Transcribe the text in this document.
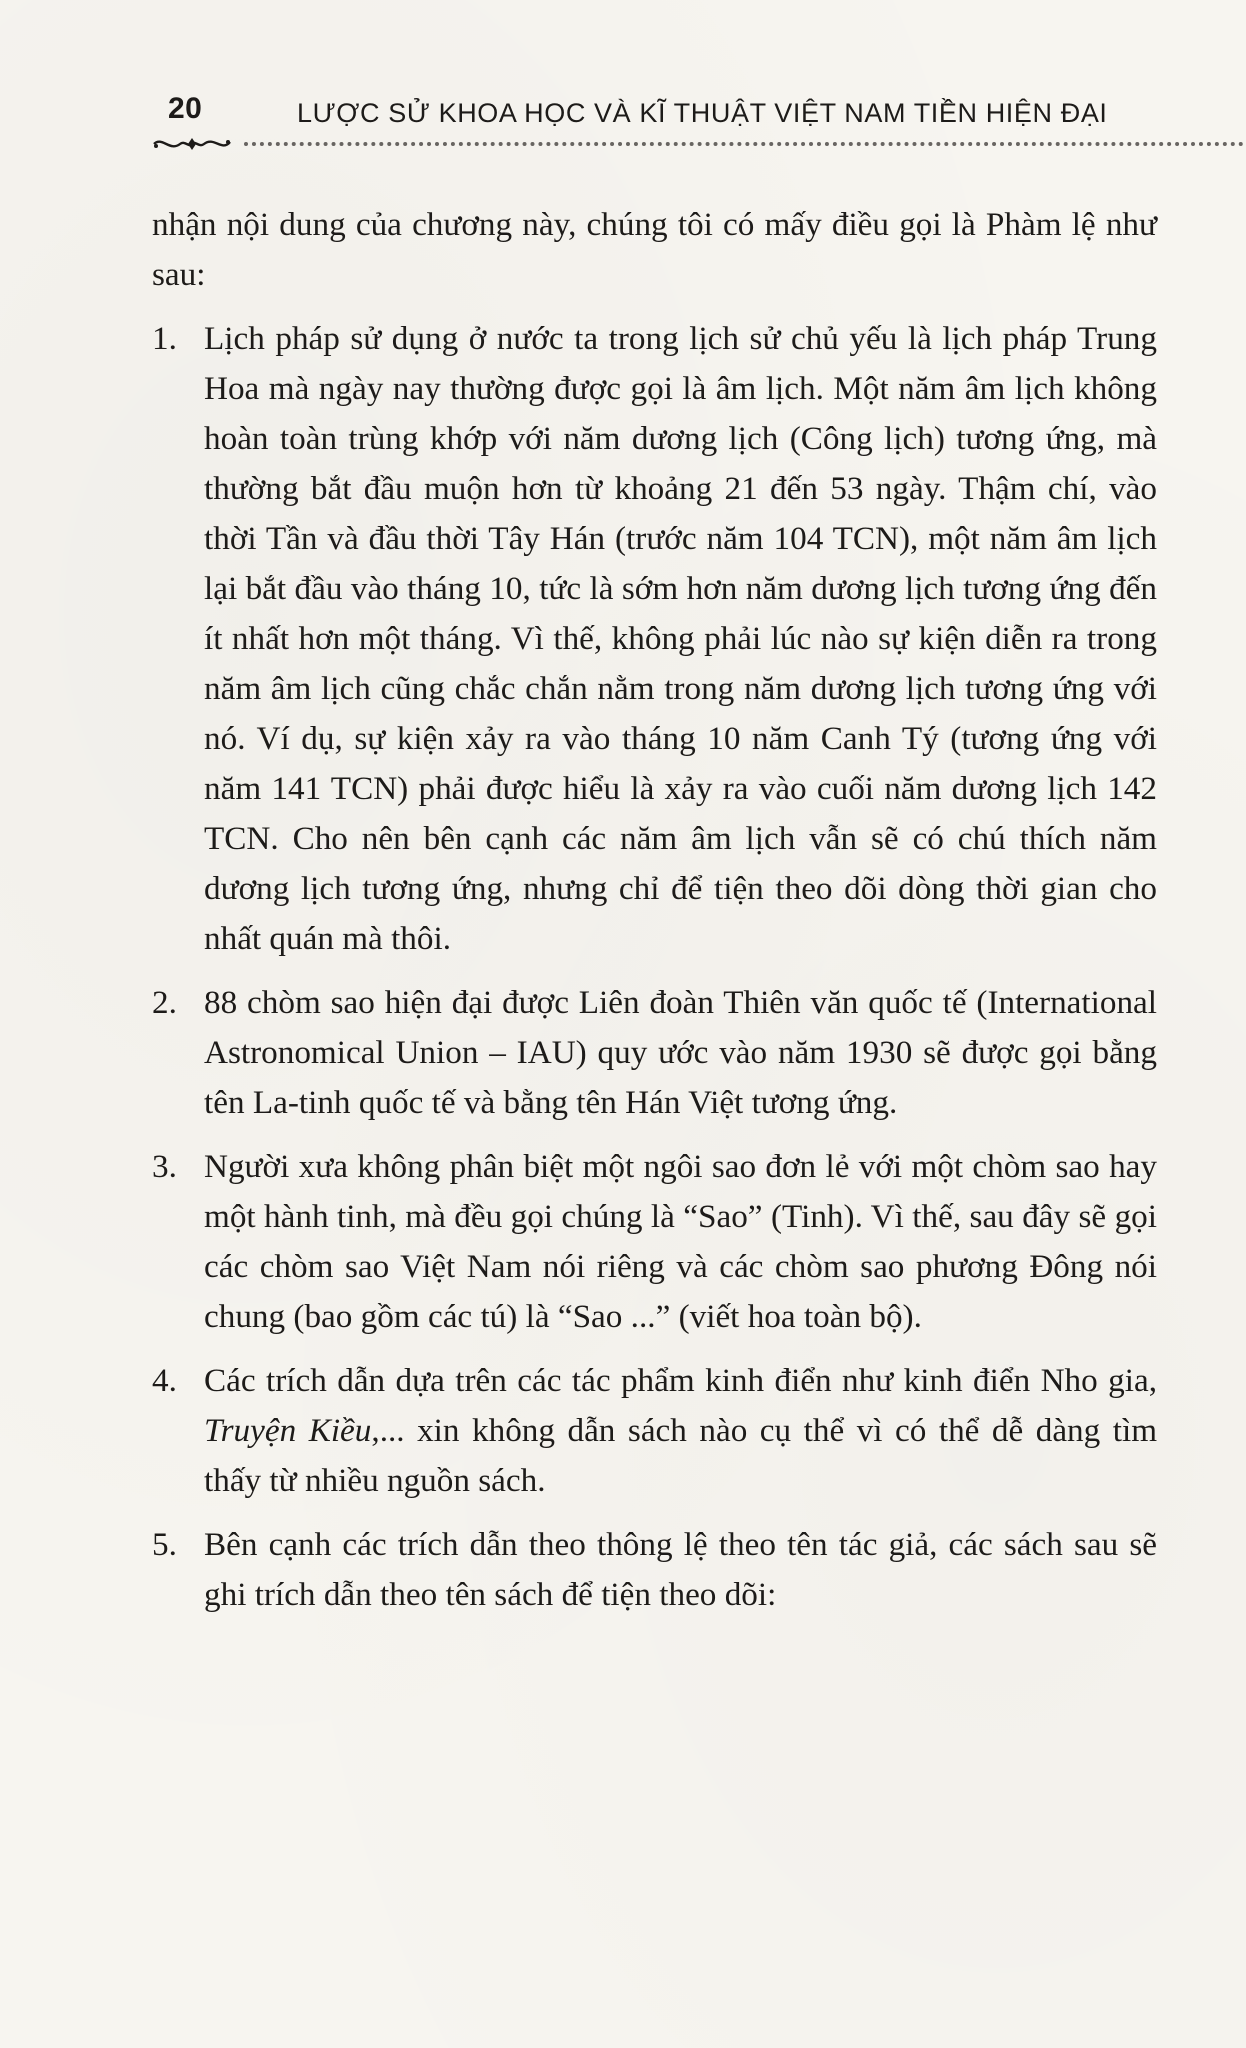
20	LƯỢC SỬ KHOA HỌC VÀ KĨ THUẬT VIỆT NAM TIỀN HIỆN ĐẠI

nhận nội dung của chương này, chúng tôi có mấy điều gọi là Phàm lệ như sau:

1. Lịch pháp sử dụng ở nước ta trong lịch sử chủ yếu là lịch pháp Trung Hoa mà ngày nay thường được gọi là âm lịch. Một năm âm lịch không hoàn toàn trùng khớp với năm dương lịch (Công lịch) tương ứng, mà thường bắt đầu muộn hơn từ khoảng 21 đến 53 ngày. Thậm chí, vào thời Tần và đầu thời Tây Hán (trước năm 104 TCN), một năm âm lịch lại bắt đầu vào tháng 10, tức là sớm hơn năm dương lịch tương ứng đến ít nhất hơn một tháng. Vì thế, không phải lúc nào sự kiện diễn ra trong năm âm lịch cũng chắc chắn nằm trong năm dương lịch tương ứng với nó. Ví dụ, sự kiện xảy ra vào tháng 10 năm Canh Tý (tương ứng với năm 141 TCN) phải được hiểu là xảy ra vào cuối năm dương lịch 142 TCN. Cho nên bên cạnh các năm âm lịch vẫn sẽ có chú thích năm dương lịch tương ứng, nhưng chỉ để tiện theo dõi dòng thời gian cho nhất quán mà thôi.
2. 88 chòm sao hiện đại được Liên đoàn Thiên văn quốc tế (International Astronomical Union – IAU) quy ước vào năm 1930 sẽ được gọi bằng tên La-tinh quốc tế và bằng tên Hán Việt tương ứng.
3. Người xưa không phân biệt một ngôi sao đơn lẻ với một chòm sao hay một hành tinh, mà đều gọi chúng là “Sao” (Tinh). Vì thế, sau đây sẽ gọi các chòm sao Việt Nam nói riêng và các chòm sao phương Đông nói chung (bao gồm các tú) là “Sao ...” (viết hoa toàn bộ).
4. Các trích dẫn dựa trên các tác phẩm kinh điển như kinh điển Nho gia, Truyện Kiều,... xin không dẫn sách nào cụ thể vì có thể dễ dàng tìm thấy từ nhiều nguồn sách.
5. Bên cạnh các trích dẫn theo thông lệ theo tên tác giả, các sách sau sẽ ghi trích dẫn theo tên sách để tiện theo dõi:
